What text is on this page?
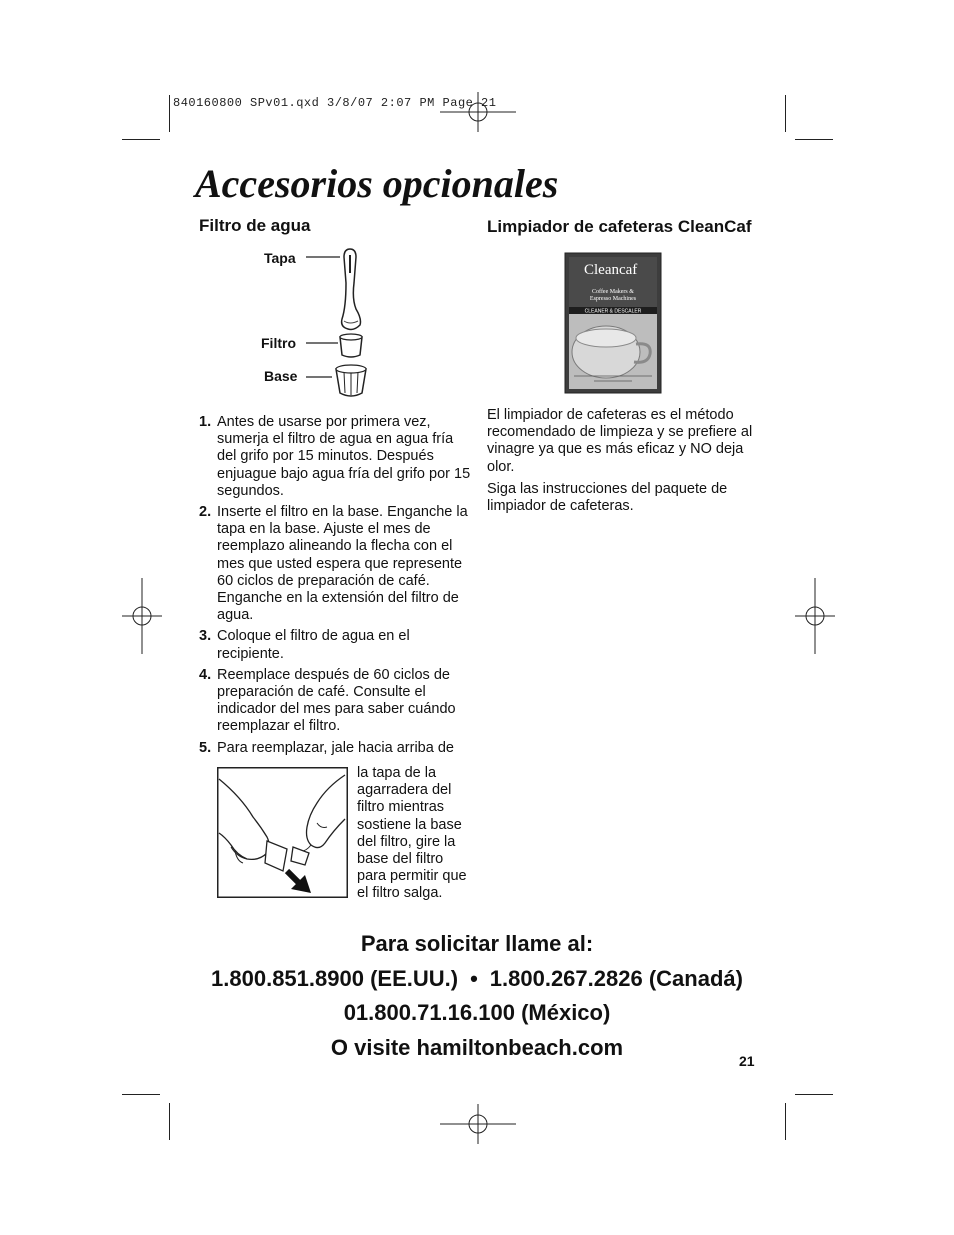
840160800 SPv01.qxd 3/8/07 2:07 PM Page 21
Accesorios opcionales
Filtro de agua
Tapa
Filtro
Base
1. Antes de usarse por primera vez, sumerja el filtro de agua en agua fría del grifo por 15 minutos. Después enjuague bajo agua fría del grifo por 15 segundos.
2. Inserte el filtro en la base. Enganche la tapa en la base. Ajuste el mes de reemplazo alineando la flecha con el mes que usted espera que represente 60 ciclos de preparación de café. Enganche en la extensión del filtro de agua.
3. Coloque el filtro de agua en el recipiente.
4. Reemplace después de 60 ciclos de preparación de café. Consulte el indicador del mes para saber cuándo reemplazar el filtro.
5. Para reemplazar, jale hacia arriba de
la tapa de la agarradera del filtro mientras sostiene la base del filtro, gire la base del filtro para permitir que el filtro salga.
Limpiador de cafeteras CleanCaf
Cleancaf
Coffee Makers &
Espresso Machines
CLEANER & DESCALER
El limpiador de cafeteras es el método recomendado de limpieza y se prefiere al vinagre ya que es más eficaz y NO deja olor.
Siga las instrucciones del paquete de limpiador de cafeteras.
Para solicitar llame al:
1.800.851.8900 (EE.UU.) • 1.800.267.2826 (Canadá)
01.800.71.16.100 (México)
O visite hamiltonbeach.com
21
